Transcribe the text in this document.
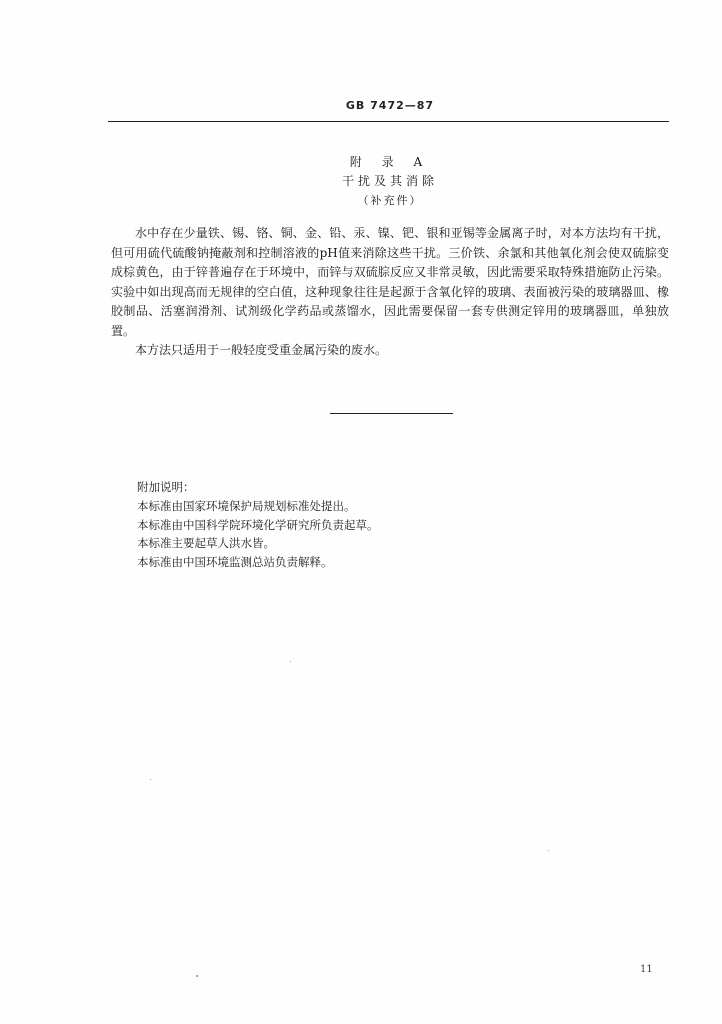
GB 7472—87
附 录 A
干扰及其消除
（补充件）

水中存在少量铁、锡、铬、铜、金、铅、汞、镍、钯、银和亚锡等金属离子时，对本方法均有干扰，但可用硫代硫酸钠掩蔽剂和控制溶液的pH值来消除这些干扰。三价铁、余氯和其他氧化剂会使双硫腙变成棕黄色，由于锌普遍存在于环境中，而锌与双硫腙反应又非常灵敏，因此需要采取特殊措施防止污染。实验中如出现高而无规律的空白值，这种现象往往是起源于含氧化锌的玻璃、表面被污染的玻璃器皿、橡胶制品、活塞润滑剂、试剂级化学药品或蒸馏水，因此需要保留一套专供测定锌用的玻璃器皿，单独放置。

本方法只适用于一般轻度受重金属污染的废水。

附加说明：
本标准由国家环境保护局规划标准处提出。
本标准由中国科学院环境化学研究所负责起草。
本标准主要起草人洪水皆。
本标准由中国环境监测总站负责解释。
11
